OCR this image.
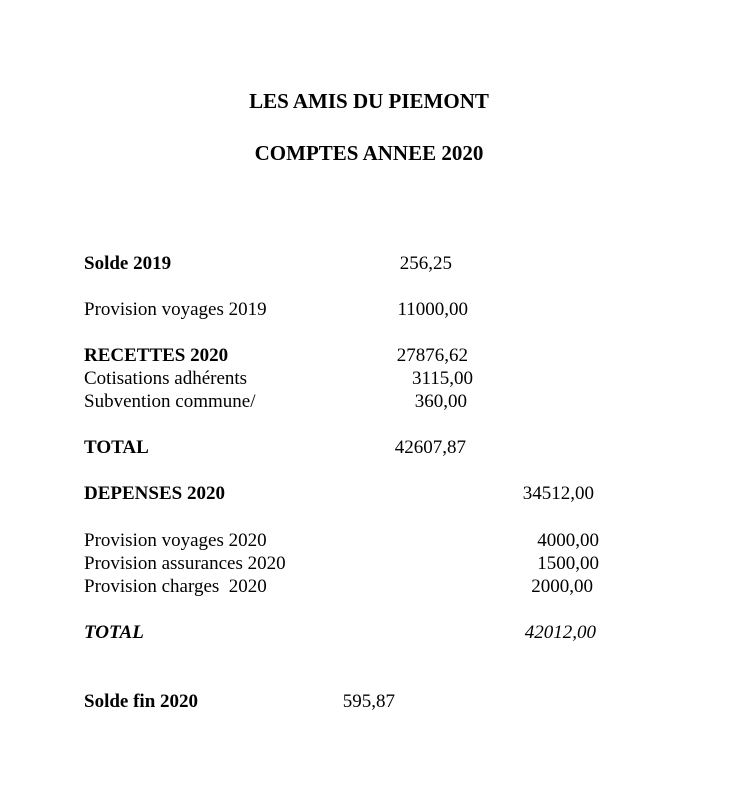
LES AMIS DU PIEMONT
COMPTES ANNEE 2020
Solde 2019	256,25
Provision voyages 2019	11000,00
RECETTES 2020	27876,62
Cotisations adhérents	3115,00
Subvention commune/	360,00
TOTAL	42607,87
DEPENSES 2020	34512,00
Provision voyages 2020	4000,00
Provision assurances 2020	1500,00
Provision charges  2020	2000,00
TOTAL	42012,00
Solde fin 2020	595,87
